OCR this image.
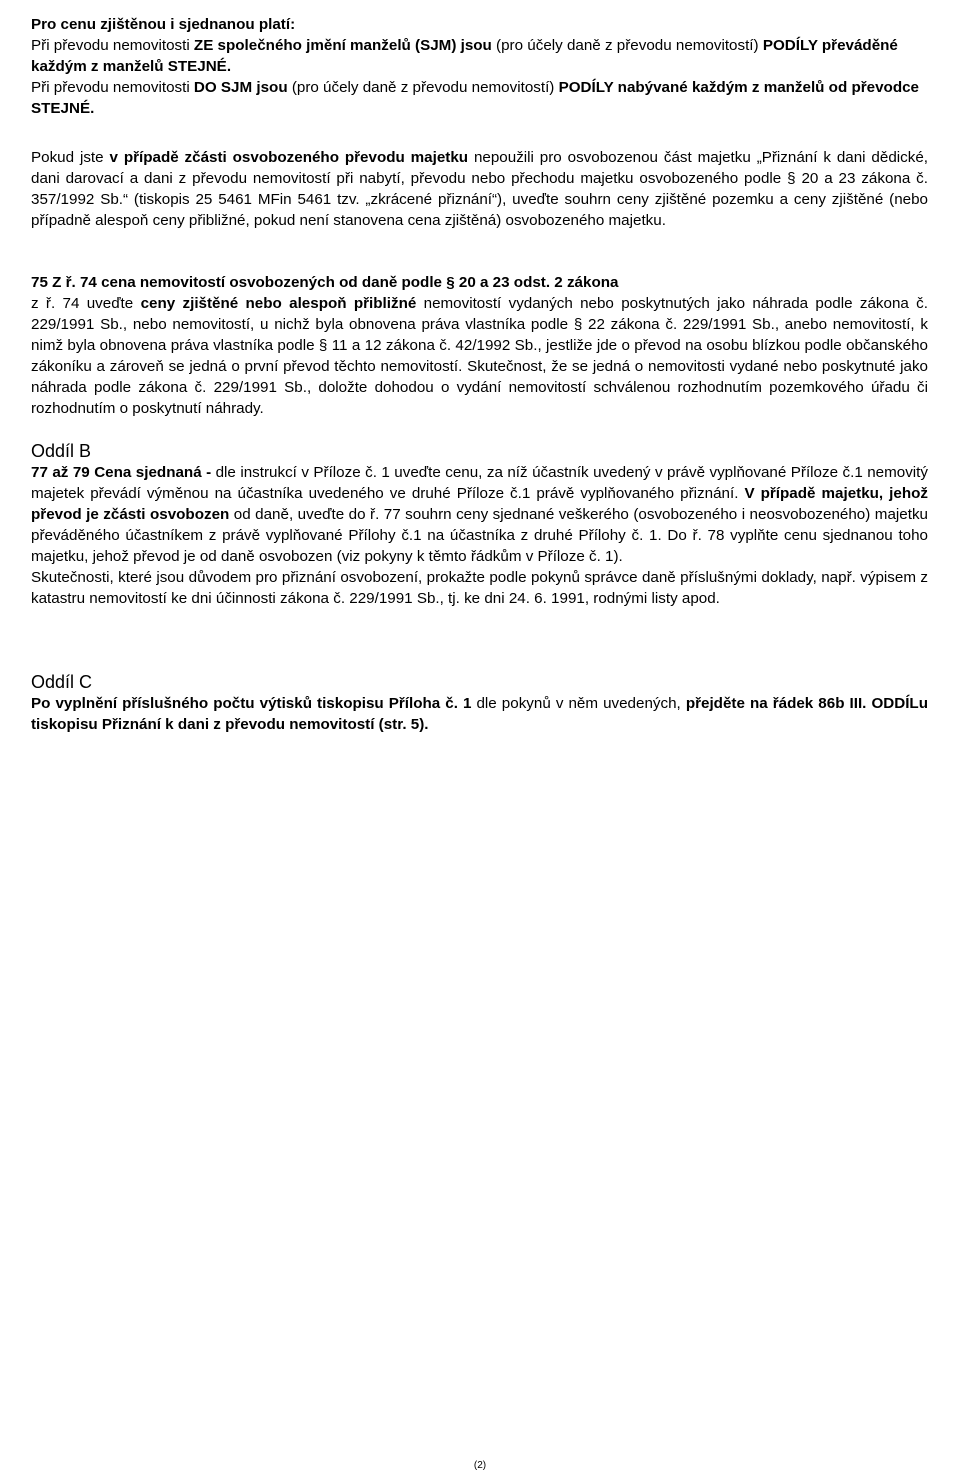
Pro cenu zjištěnou i sjednanou platí:
Při převodu nemovitosti ZE společného jmění manželů (SJM) jsou (pro účely daně z převodu nemovitostí) PODÍLY převáděné každým z manželů STEJNÉ.
Při převodu nemovitosti DO SJM jsou (pro účely daně z převodu nemovitostí) PODÍLY nabývané každým z manželů od převodce STEJNÉ.
Pokud jste v případě zčásti osvobozeného převodu majetku nepoužili pro osvobozenou část majetku „Přiznání k dani dědické, dani darovací a dani z převodu nemovitostí při nabytí, převodu nebo přechodu majetku osvobozeného podle § 20 a 23 zákona č. 357/1992 Sb.“ (tiskopis 25 5461 MFin 5461 tzv. „zkrácené přiznání“), uveďte souhrn ceny zjištěné pozemku a ceny zjištěné (nebo případně alespoň ceny přibližné, pokud není stanovena cena zjištěná) osvobozeného majetku.
75 Z ř. 74 cena nemovitostí osvobozených od daně podle § 20 a 23 odst. 2 zákona
z ř. 74 uveďte ceny zjištěné nebo alespoň přibližné nemovitostí vydaných nebo poskytnutých jako náhrada podle zákona č. 229/1991 Sb., nebo nemovitostí, u nichž byla obnovena práva vlastníka podle § 22 zákona č. 229/1991 Sb., anebo nemovitostí, k nimž byla obnovena práva vlastníka podle § 11 a 12 zákona č. 42/1992 Sb., jestliže jde o převod na osobu blízkou podle občanského zákoníku a zároveň se jedná o první převod těchto nemovitostí. Skutečnost, že se jedná o nemovitosti vydané nebo poskytnuté jako náhrada podle zákona č. 229/1991 Sb., doložte dohodou o vydání nemovitostí schválenou rozhodnutím pozemkového úřadu či rozhodnutím o poskytnutí náhrady.
Oddíl B
77 až 79 Cena sjednaná - dle instrukcí v Příloze č. 1 uveďte cenu, za níž účastník uvedený v právě vyplňované Příloze č.1 nemovitý majetek převádí výměnou na účastníka uvedeného ve druhé Příloze č.1 právě vyplňovaného přiznání. V případě majetku, jehož převod je zčásti osvobozen od daně, uveďte do ř. 77 souhrn ceny sjednané veškerého (osvobozeného i neosvobozeného) majetku převáděného účastníkem z právě vyplňované Přílohy č.1 na účastníka z druhé Přílohy č. 1. Do ř. 78 vyplňte cenu sjednanou toho majetku, jehož převod je od daně osvobozen (viz pokyny k těmto řádkům v Příloze č. 1).
Skutečnosti, které jsou důvodem pro přiznání osvobození, prokažte podle pokynů správce daně příslušnými doklady, např. výpisem z katastru nemovitostí ke dni účinnosti zákona č. 229/1991 Sb., tj. ke dni 24. 6. 1991, rodnými listy apod.
Oddíl C
Po vyplnění příslušného počtu výtisků tiskopisu Příloha č. 1 dle pokynů v něm uvedených, přejděte na řádek 86b III. ODDÍLu tiskopisu Přiznání k dani z převodu nemovitostí (str. 5).
(2)
